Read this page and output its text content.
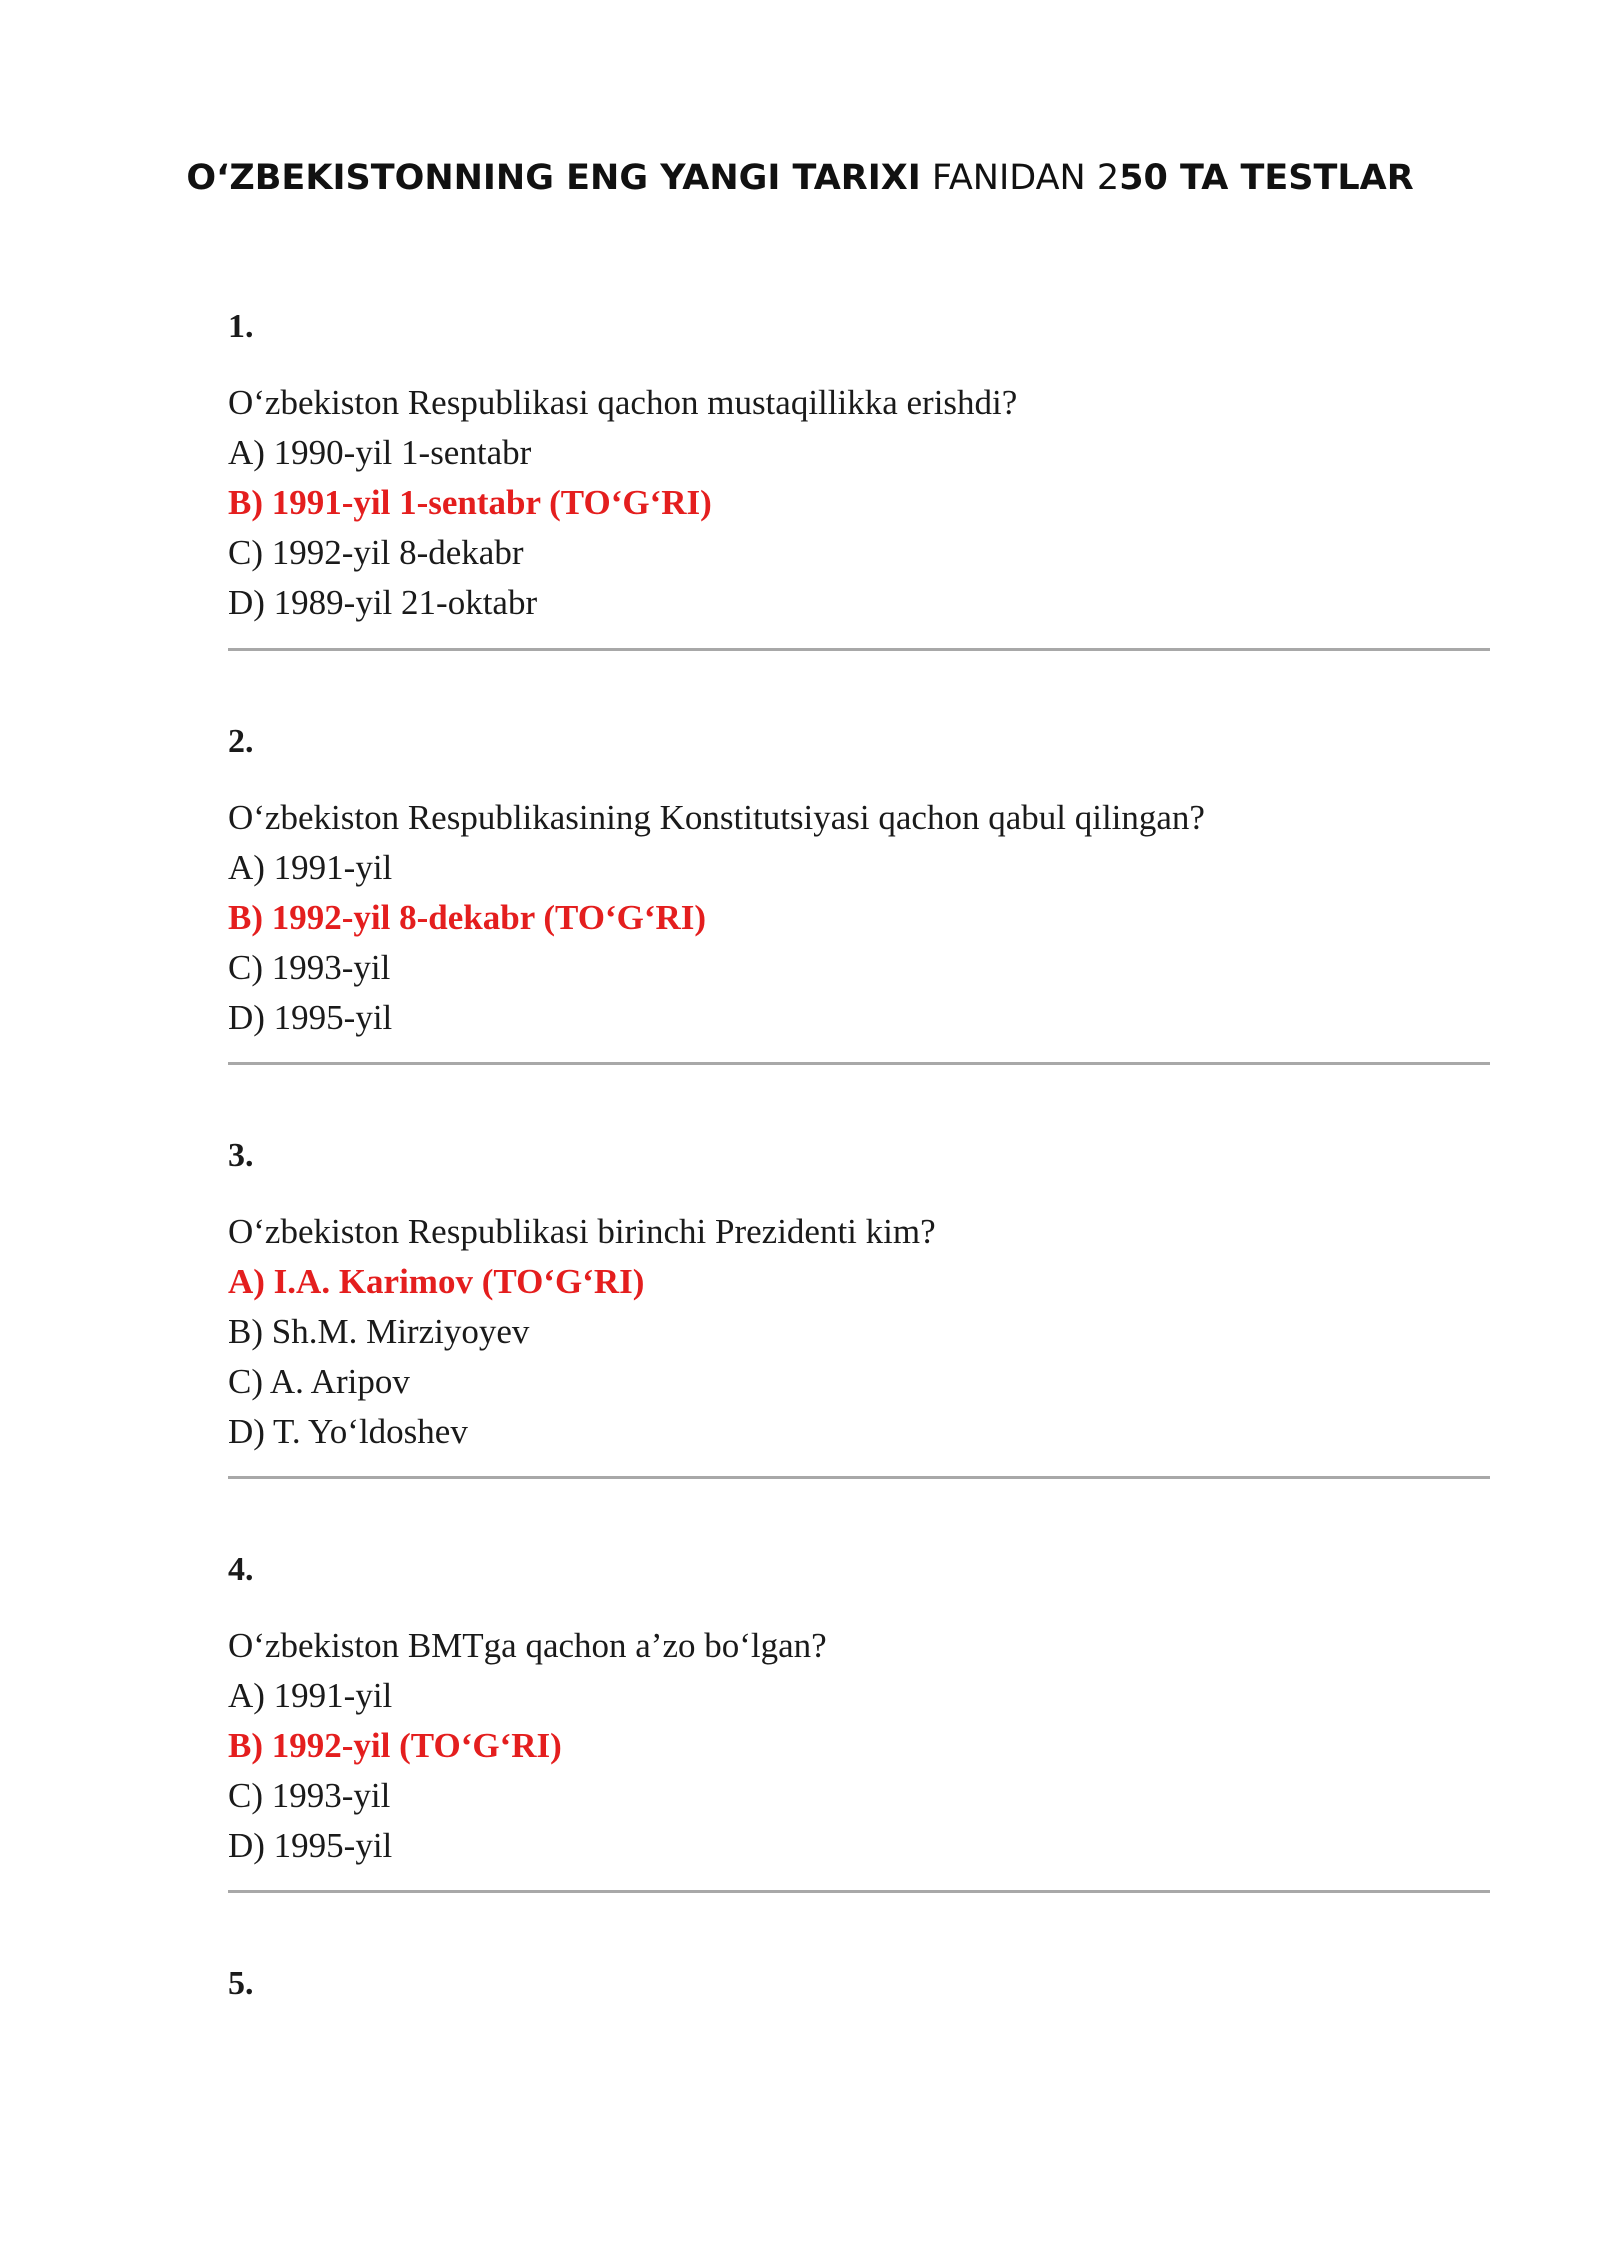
O‘ZBEKISTONNING ENG YANGI TARIXI FANIDAN 250 TA TESTLAR
1.
O‘zbekiston Respublikasi qachon mustaqillikka erishdi?
A) 1990-yil 1-sentabr
B) 1991-yil 1-sentabr (TO‘G‘RI)
C) 1992-yil 8-dekabr
D) 1989-yil 21-oktabr
2.
O‘zbekiston Respublikasining Konstitutsiyasi qachon qabul qilingan?
A) 1991-yil
B) 1992-yil 8-dekabr (TO‘G‘RI)
C) 1993-yil
D) 1995-yil
3.
O‘zbekiston Respublikasi birinchi Prezidenti kim?
A) I.A. Karimov (TO‘G‘RI)
B) Sh.M. Mirziyoyev
C) A. Aripov
D) T. Yo‘ldoshev
4.
O‘zbekiston BMTga qachon a’zo bo‘lgan?
A) 1991-yil
B) 1992-yil (TO‘G‘RI)
C) 1993-yil
D) 1995-yil
5.
